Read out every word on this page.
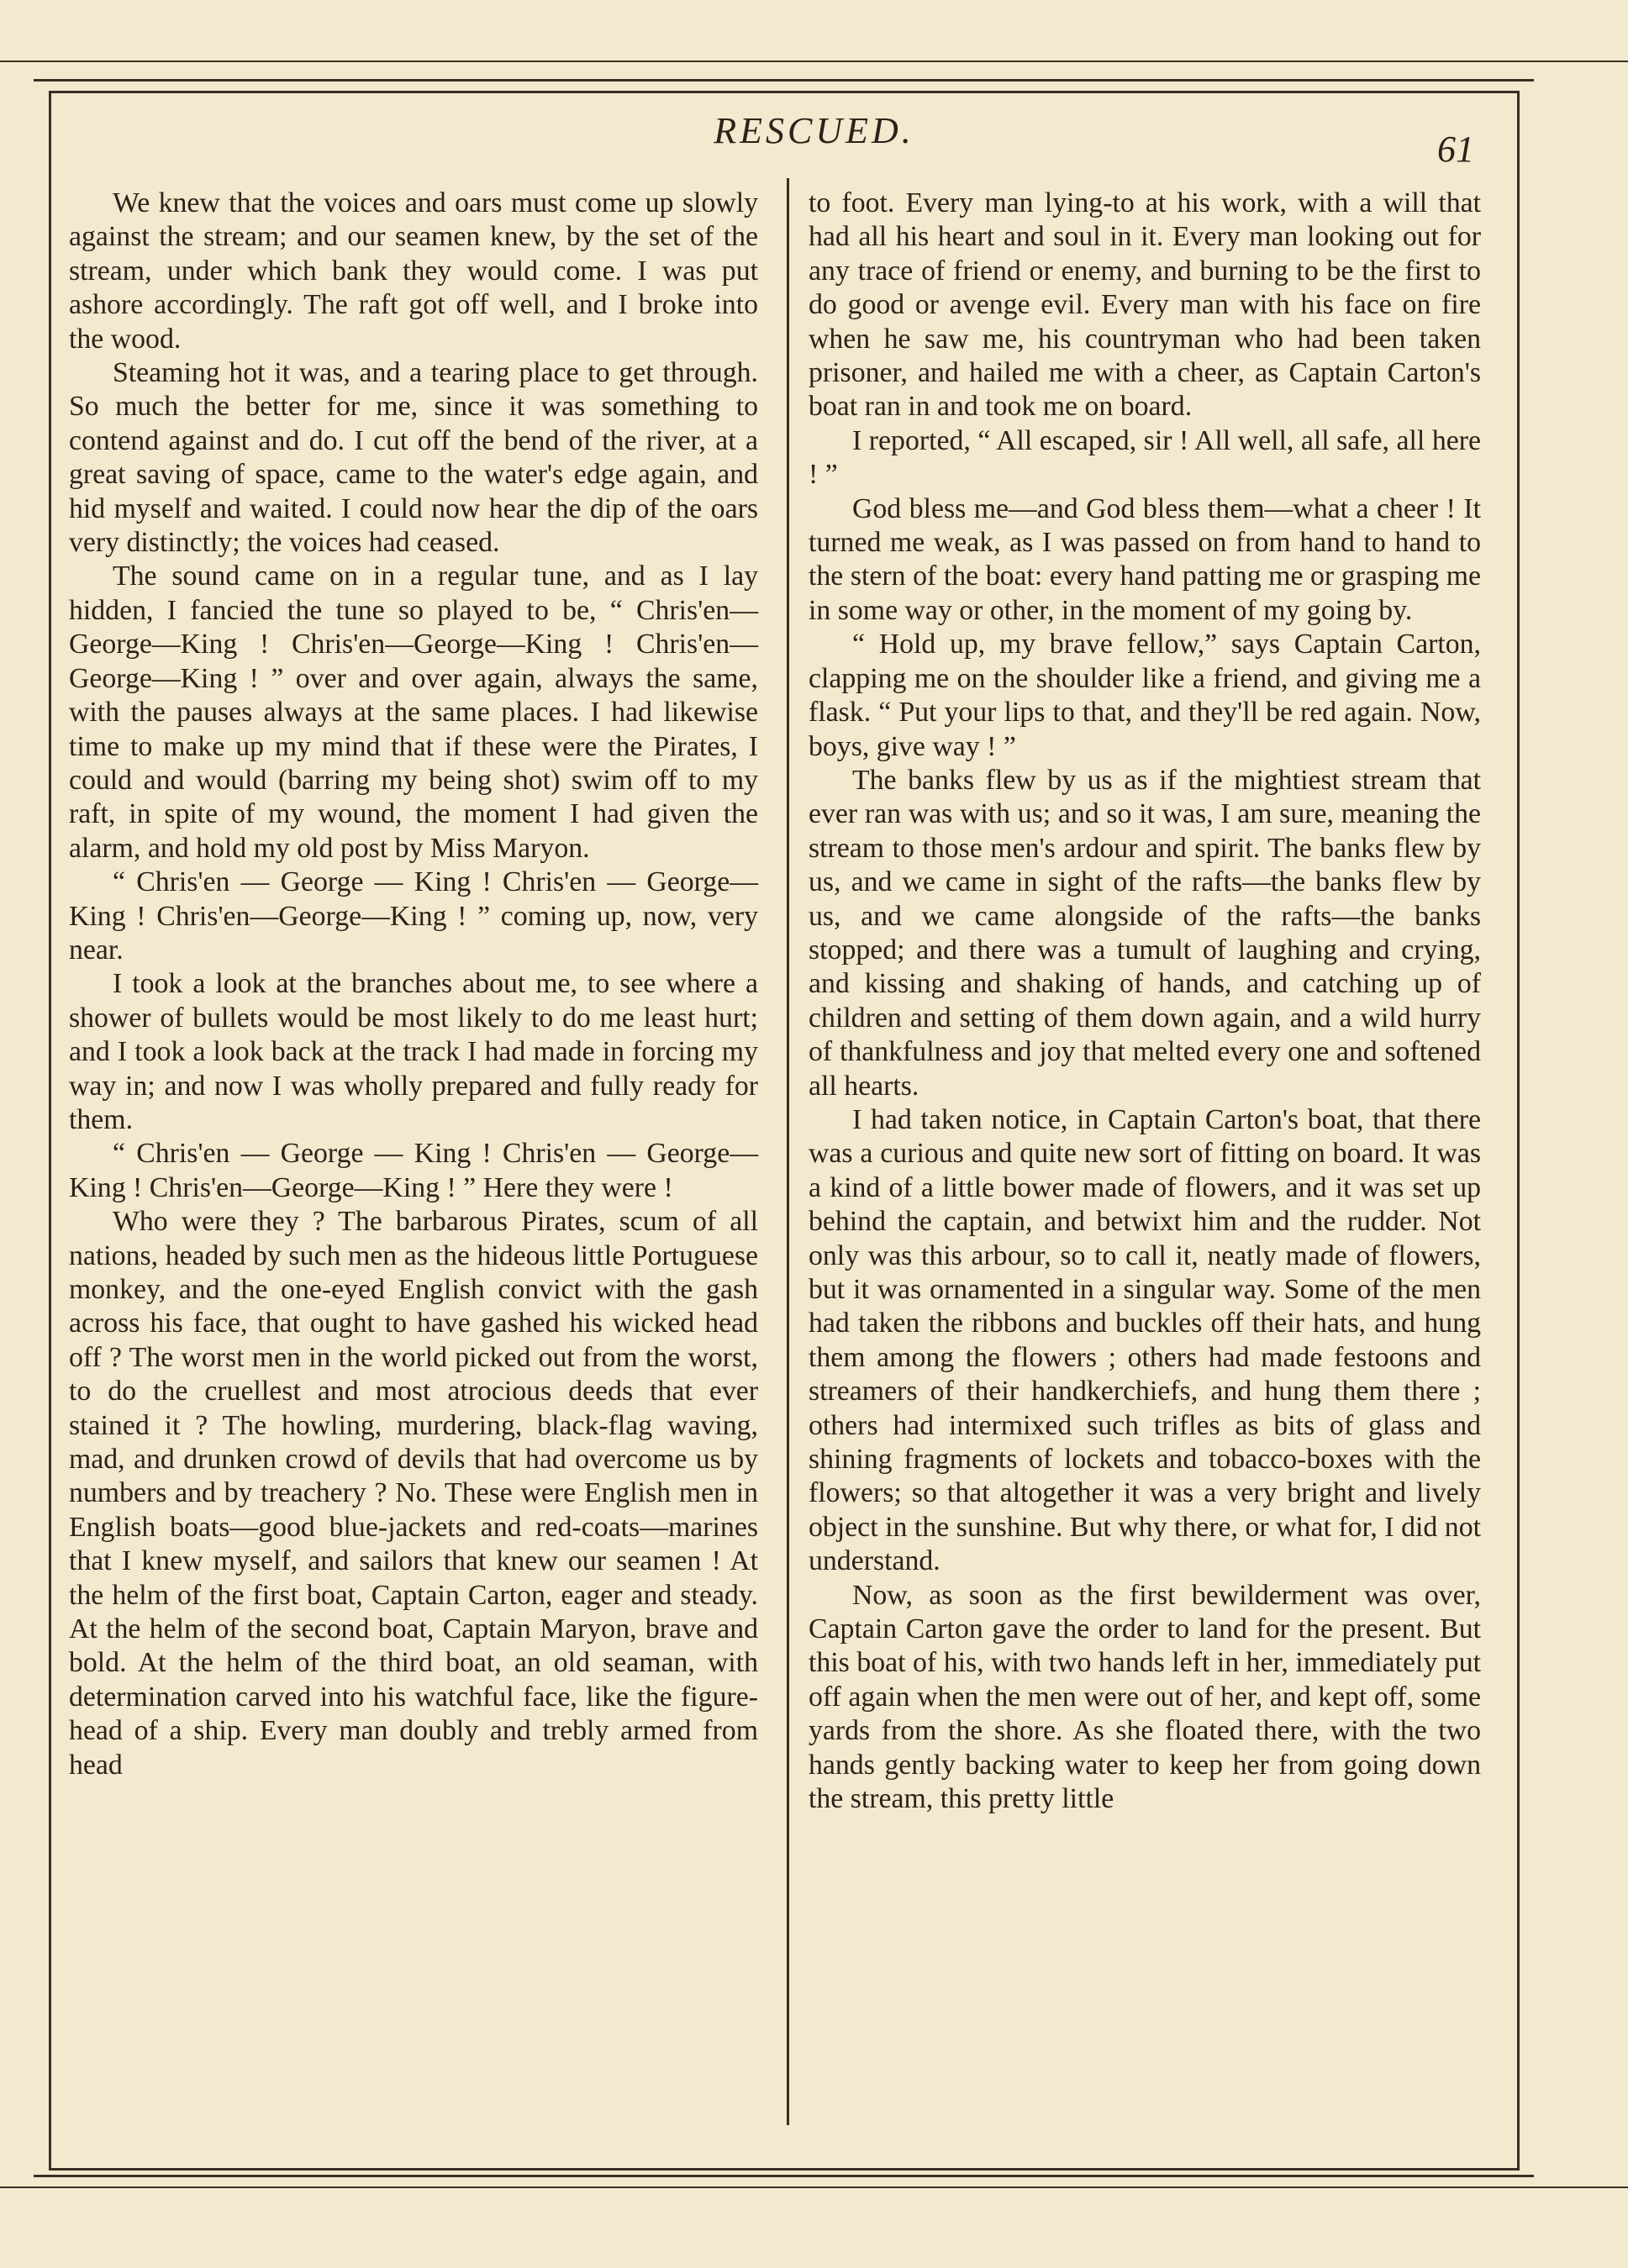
RESCUED.	61

We knew that the voices and oars must come up slowly against the stream; and our seamen knew, by the set of the stream, under which bank they would come. I was put ashore accordingly. The raft got off well, and I broke into the wood.

Steaming hot it was, and a tearing place to get through. So much the better for me, since it was something to contend against and do. I cut off the bend of the river, at a great saving of space, came to the water's edge again, and hid myself and waited. I could now hear the dip of the oars very distinctly; the voices had ceased.

The sound came on in a regular tune, and as I lay hidden, I fancied the tune so played to be, “ Chris'en—George—King ! Chris'en—George—King ! Chris'en—George—King ! ” over and over again, always the same, with the pauses always at the same places. I had likewise time to make up my mind that if these were the Pirates, I could and would (barring my being shot) swim off to my raft, in spite of my wound, the moment I had given the alarm, and hold my old post by Miss Maryon.

“ Chris'en — George — King ! Chris'en — George—King ! Chris'en—George—King ! ” coming up, now, very near.

I took a look at the branches about me, to see where a shower of bullets would be most likely to do me least hurt; and I took a look back at the track I had made in forcing my way in; and now I was wholly prepared and fully ready for them.

“ Chris'en — George — King ! Chris'en — George—King ! Chris'en—George—King ! ” Here they were !

Who were they ? The barbarous Pirates, scum of all nations, headed by such men as the hideous little Portuguese monkey, and the one-eyed English convict with the gash across his face, that ought to have gashed his wicked head off ? The worst men in the world picked out from the worst, to do the cruellest and most atrocious deeds that ever stained it ? The howling, murdering, black-flag waving, mad, and drunken crowd of devils that had overcome us by numbers and by treachery ? No. These were English men in English boats—good blue-jackets and red-coats—marines that I knew myself, and sailors that knew our seamen ! At the helm of the first boat, Captain Carton, eager and steady. At the helm of the second boat, Captain Maryon, brave and bold. At the helm of the third boat, an old seaman, with determination carved into his watchful face, like the figure-head of a ship. Every man doubly and trebly armed from head

to foot. Every man lying-to at his work, with a will that had all his heart and soul in it. Every man looking out for any trace of friend or enemy, and burning to be the first to do good or avenge evil. Every man with his face on fire when he saw me, his countryman who had been taken prisoner, and hailed me with a cheer, as Captain Carton's boat ran in and took me on board.

I reported, “ All escaped, sir ! All well, all safe, all here ! ”

God bless me—and God bless them—what a cheer ! It turned me weak, as I was passed on from hand to hand to the stern of the boat: every hand patting me or grasping me in some way or other, in the moment of my going by.

“ Hold up, my brave fellow,” says Captain Carton, clapping me on the shoulder like a friend, and giving me a flask. “ Put your lips to that, and they'll be red again. Now, boys, give way ! ”

The banks flew by us as if the mightiest stream that ever ran was with us; and so it was, I am sure, meaning the stream to those men's ardour and spirit. The banks flew by us, and we came in sight of the rafts—the banks flew by us, and we came alongside of the rafts—the banks stopped; and there was a tumult of laughing and crying, and kissing and shaking of hands, and catching up of children and setting of them down again, and a wild hurry of thankfulness and joy that melted every one and softened all hearts.

I had taken notice, in Captain Carton's boat, that there was a curious and quite new sort of fitting on board. It was a kind of a little bower made of flowers, and it was set up behind the captain, and betwixt him and the rudder. Not only was this arbour, so to call it, neatly made of flowers, but it was ornamented in a singular way. Some of the men had taken the ribbons and buckles off their hats, and hung them among the flowers ; others had made festoons and streamers of their handkerchiefs, and hung them there ; others had intermixed such trifles as bits of glass and shining fragments of lockets and tobacco-boxes with the flowers; so that altogether it was a very bright and lively object in the sunshine. But why there, or what for, I did not understand.

Now, as soon as the first bewilderment was over, Captain Carton gave the order to land for the present. But this boat of his, with two hands left in her, immediately put off again when the men were out of her, and kept off, some yards from the shore. As she floated there, with the two hands gently backing water to keep her from going down the stream, this pretty little
